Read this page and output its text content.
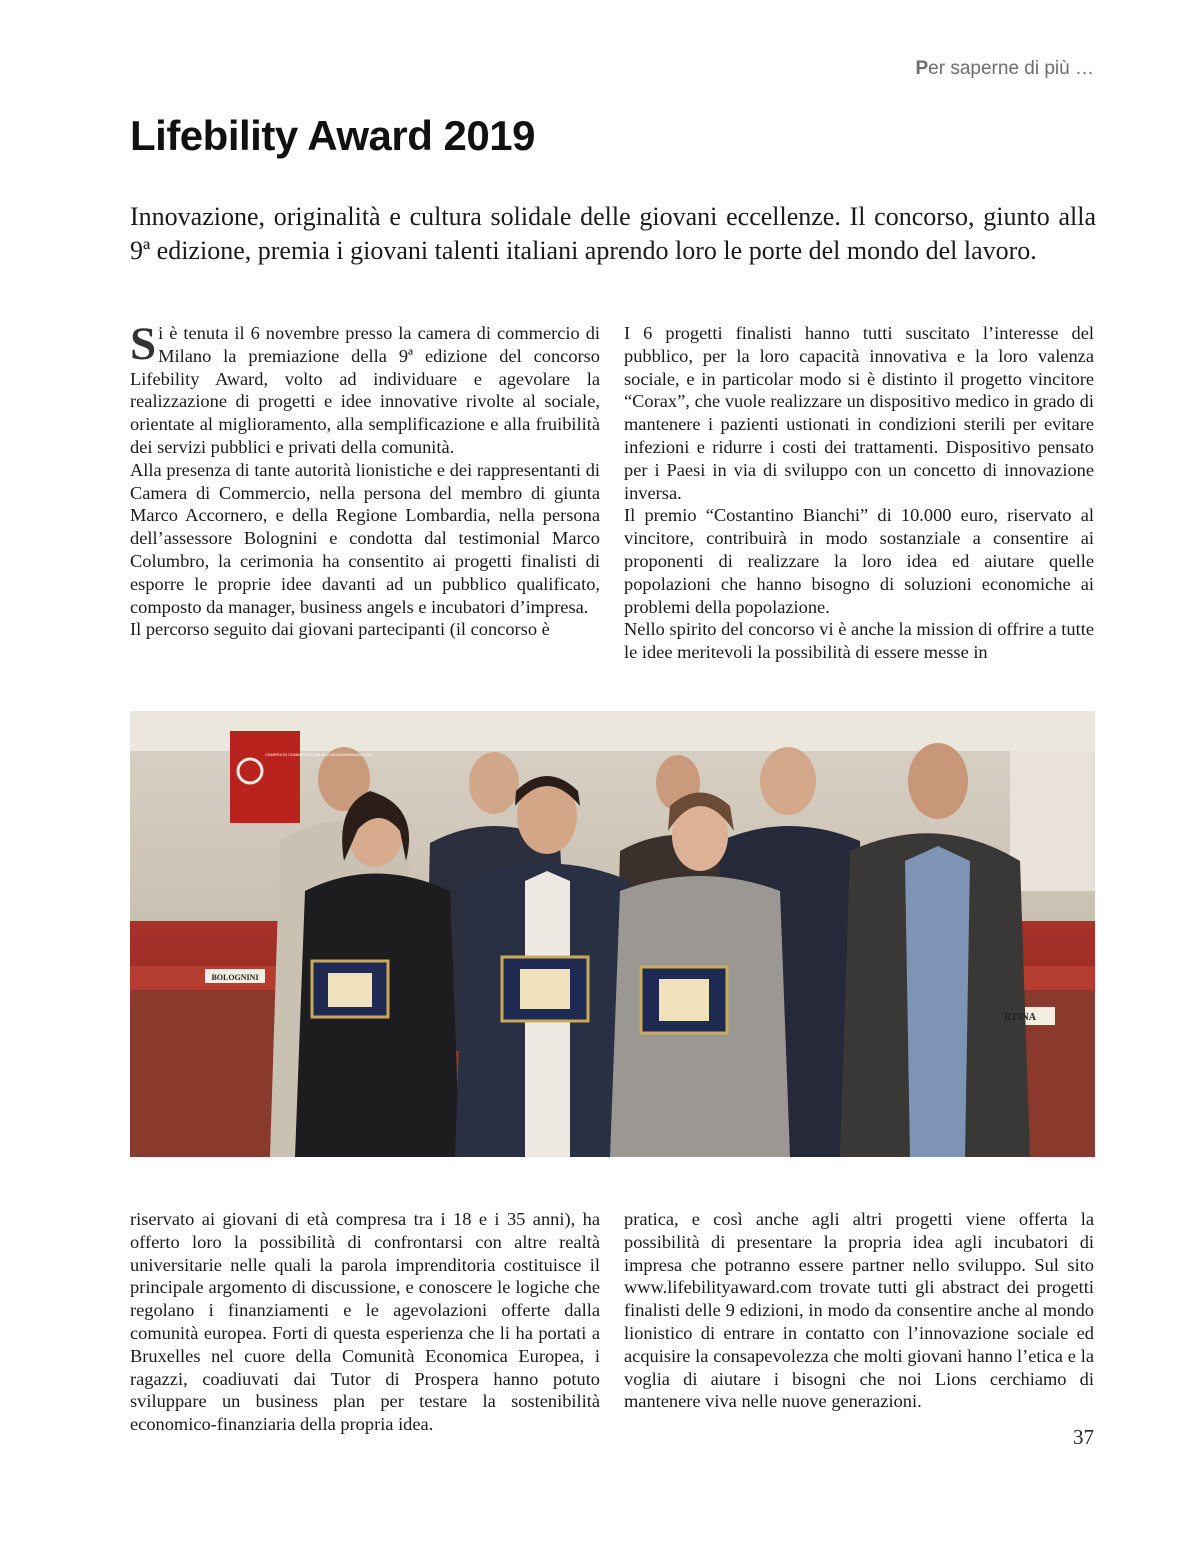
Per saperne di più …
Lifebility Award 2019

Innovazione, originalità e cultura solidale delle giovani eccellenze. Il concorso, giunto alla 9ª edizione, premia i giovani talenti italiani aprendo loro le porte del mondo del lavoro.

Si è tenuta il 6 novembre presso la camera di commercio di Milano la premiazione della 9ª edizione del concorso Lifebility Award, volto ad individuare e agevolare la realizzazione di progetti e idee innovative rivolte al sociale, orientate al miglioramento, alla semplificazione e alla fruibilità dei servizi pubblici e privati della comunità.

Alla presenza di tante autorità lionistiche e dei rappresentanti di Camera di Commercio, nella persona del membro di giunta Marco Accornero, e della Regione Lombardia, nella persona dell’assessore Bolognini e condotta dal testimonial Marco Columbro, la cerimonia ha consentito ai progetti finalisti di esporre le proprie idee davanti ad un pubblico qualificato, composto da manager, business angels e incubatori d’impresa.

Il percorso seguito dai giovani partecipanti (il concorso è

I 6 progetti finalisti hanno tutti suscitato l’interesse del pubblico, per la loro capacità innovativa e la loro valenza sociale, e in particolar modo si è distinto il progetto vincitore “Corax”, che vuole realizzare un dispositivo medico in grado di mantenere i pazienti ustionati in condizioni sterili per evitare infezioni e ridurre i costi dei trattamenti. Dispositivo pensato per i Paesi in via di sviluppo con un concetto di innovazione inversa.

Il premio “Costantino Bianchi” di 10.000 euro, riservato al vincitore, contribuirà in modo sostanziale a consentire ai proponenti di realizzare la loro idea ed aiutare quelle popolazioni che hanno bisogno di soluzioni economiche ai problemi della popolazione.

Nello spirito del concorso vi è anche la mission di offrire a tutte le idee meritevoli la possibilità di essere messe in

BOLOGNINI
RTINA
CAMERA DI COMMERCIO MILANO MONZABRIANZA LODI

riservato ai giovani di età compresa tra i 18 e i 35 anni), ha offerto loro la possibilità di confrontarsi con altre realtà universitarie nelle quali la parola imprenditoria costituisce il principale argomento di discussione, e conoscere le logiche che regolano i finanziamenti e le agevolazioni offerte dalla comunità europea. Forti di questa esperienza che li ha portati a Bruxelles nel cuore della Comunità Economica Europea, i ragazzi, coadiuvati dai Tutor di Prospera hanno potuto sviluppare un business plan per testare la sostenibilità economico-finanziaria della propria idea.

pratica, e così anche agli altri progetti viene offerta la possibilità di presentare la propria idea agli incubatori di impresa che potranno essere partner nello sviluppo. Sul sito www.lifebilityaward.com trovate tutti gli abstract dei progetti finalisti delle 9 edizioni, in modo da consentire anche al mondo lionistico di entrare in contatto con l’innovazione sociale ed acquisire la consapevolezza che molti giovani hanno l’etica e la voglia di aiutare i bisogni che noi Lions cerchiamo di mantenere viva nelle nuove generazioni.

37
